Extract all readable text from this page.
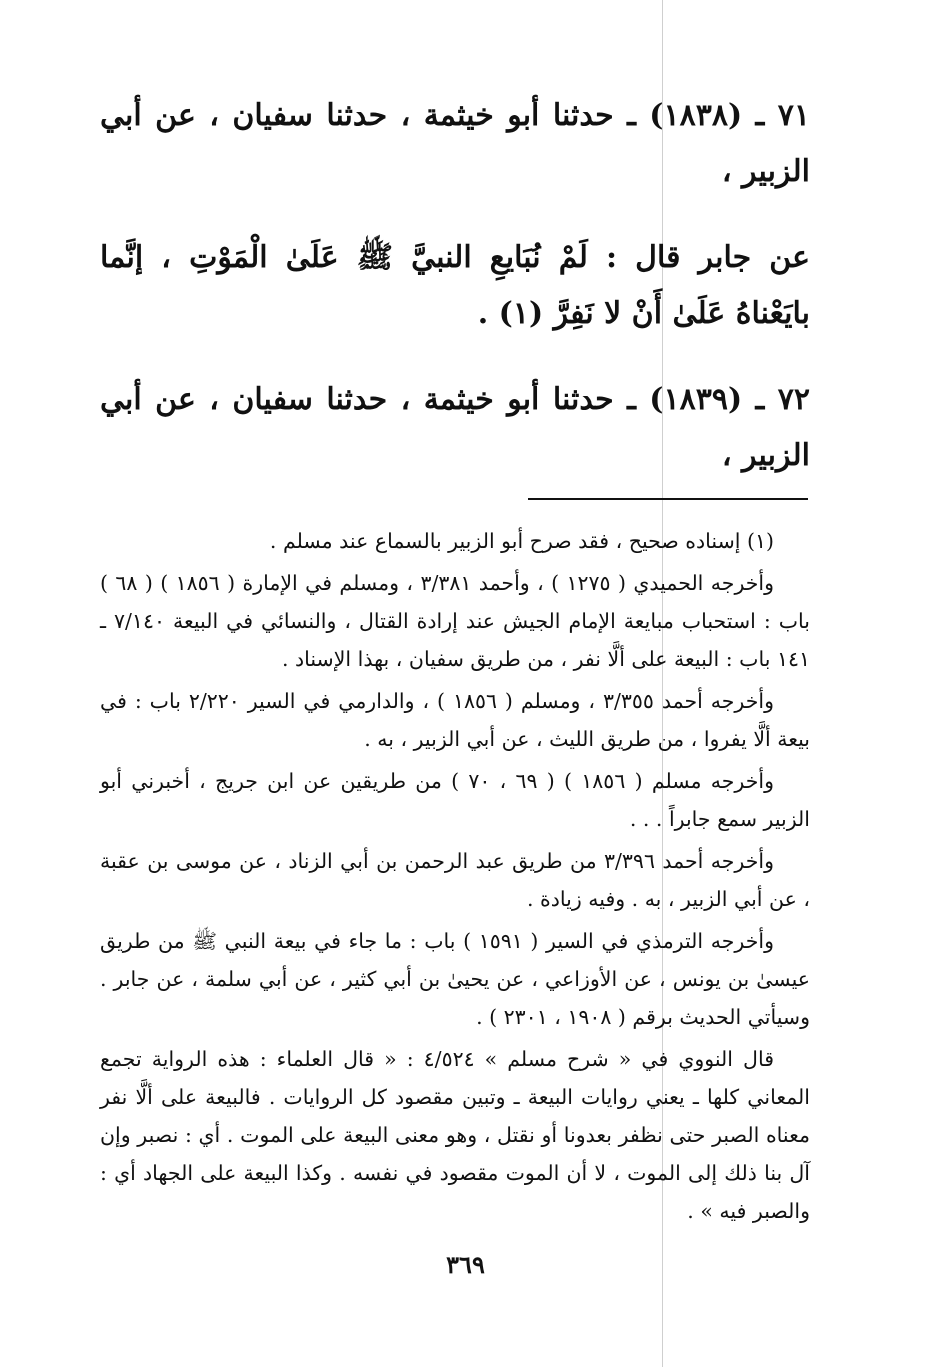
٧١ ـ (١٨٣٨) ـ حدثنا أبو خيثمة ، حدثنا سفيان ، عن أبي الزبير ،

عن جابر قال : لَمْ نُبَايعِ النبيَّ ﷺ عَلَىٰ الْمَوْتِ ، إنَّما بايَعْناهُ عَلَىٰ أَنْ لا نَفِرَّ (١) .

٧٢ ـ (١٨٣٩) ـ حدثنا أبو خيثمة ، حدثنا سفيان ، عن أبي الزبير ،

(١) إسناده صحيح ، فقد صرح أبو الزبير بالسماع عند مسلم .

وأخرجه الحميدي ( ١٢٧٥ ) ، وأحمد ٣/٣٨١ ، ومسلم في الإمارة ( ١٨٥٦ ) ( ٦٨ ) باب : استحباب مبايعة الإمام الجيش عند إرادة القتال ، والنسائي في البيعة ٧/١٤٠ ـ ١٤١ باب : البيعة على ألَّا نفر ، من طريق سفيان ، بهذا الإسناد .

وأخرجه أحمد ٣/٣٥٥ ، ومسلم ( ١٨٥٦ ) ، والدارمي في السير ٢/٢٢٠ باب : في بيعة ألَّا يفروا ، من طريق الليث ، عن أبي الزبير ، به .

وأخرجه مسلم ( ١٨٥٦ ) ( ٦٩ ، ٧٠ ) من طريقين عن ابن جريج ، أخبرني أبو الزبير سمع جابراً . . .

وأخرجه أحمد ٣/٣٩٦ من طريق عبد الرحمن بن أبي الزناد ، عن موسى بن عقبة ، عن أبي الزبير ، به . وفيه زيادة .

وأخرجه الترمذي في السير ( ١٥٩١ ) باب : ما جاء في بيعة النبي ﷺ من طريق عيسىٰ بن يونس ، عن الأوزاعي ، عن يحيىٰ بن أبي كثير ، عن أبي سلمة ، عن جابر . وسيأتي الحديث برقم ( ١٩٠٨ ، ٢٣٠١ ) .

قال النووي في « شرح مسلم » ٤/٥٢٤ : « قال العلماء : هذه الرواية تجمع المعاني كلها ـ يعني روايات البيعة ـ وتبين مقصود كل الروايات . فالبيعة على ألَّا نفر معناه الصبر حتى نظفر بعدونا أو نقتل ، وهو معنى البيعة على الموت . أي : نصبر وإن آل بنا ذلك إلى الموت ، لا أن الموت مقصود في نفسه . وكذا البيعة على الجهاد أي : والصبر فيه » .

٣٦٩
